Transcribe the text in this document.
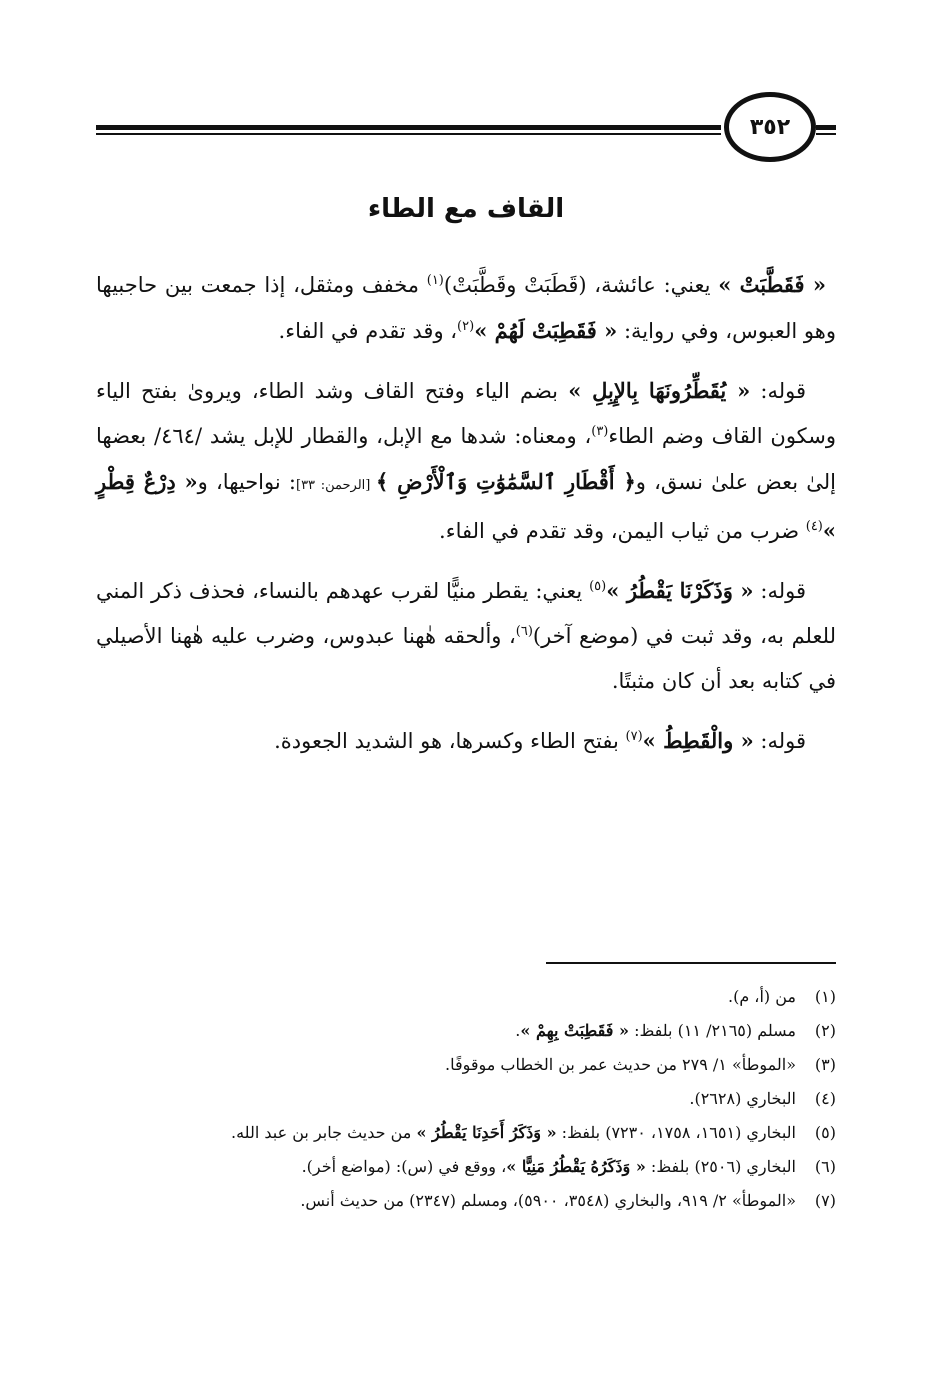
٣٥٢
القاف مع الطاء

« فَقَطَّبَتْ » يعني: عائشة، (قَطَبَتْ وقَطَّبَتْ)$^{(١)}$ مخفف ومثقل، إذا جمعت بين حاجبيها وهو العبوس، وفي رواية: « فَقَطِبَتْ لَهُمْ »$^{(٢)}$، وقد تقدم في الفاء.

قوله: « يُقَطِّرُونَهَا بِالإِبِلِ » بضم الياء وفتح القاف وشد الطاء، ويروىٰ بفتح الياء وسكون القاف وضم الطاء$^{(٣)}$، ومعناه: شدها مع الإبل، والقطار للإبل يشد /٤٦٤/ بعضها إلىٰ بعض علىٰ نسق، و﴿ أَقْطَارِ ٱلسَّمَٰوَٰتِ وَٱلْأَرْضِ ﴾ [الرحمن: ٣٣]: نواحيها، و« دِرْعٌ قِطْرٍ »$^{(٤)}$ ضرب من ثياب اليمن، وقد تقدم في الفاء.

قوله: « وَذَكَرْنَا يَقْطُرُ »$^{(٥)}$ يعني: يقطر منيًّا لقرب عهدهم بالنساء، فحذف ذكر المني للعلم به، وقد ثبت في (موضع آخر)$^{(٦)}$، وألحقه هٰهنا عبدوس، وضرب عليه هٰهنا الأصيلي في كتابه بعد أن كان مثبتًا.

قوله: « والْقَطِطُ »$^{(٧)}$ بفتح الطاء وكسرها، هو الشديد الجعودة.

(١)
من (أ، م).
(٢)
مسلم (٢١٦٥/ ١١) بلفظ: « فَقَطِبَتْ بِهِمْ ».
(٣)
«الموطأ» ١/ ٢٧٩ من حديث عمر بن الخطاب موقوفًا.
(٤)
البخاري (٢٦٢٨).
(٥)
البخاري (١٦٥١، ١٧٥٨، ٧٢٣٠) بلفظ: « وَذَكَرُ أَحَدِنَا يَقْطُرُ » من حديث جابر بن عبد الله.
(٦)
البخاري (٢٥٠٦) بلفظ: « وَذَكَرُهُ يَقْطُرُ مَنِيًّا »، ووقع في (س): (مواضع أخر).
(٧)
«الموطأ» ٢/ ٩١٩، والبخاري (٣٥٤٨، ٥٩٠٠)، ومسلم (٢٣٤٧) من حديث أنس.
